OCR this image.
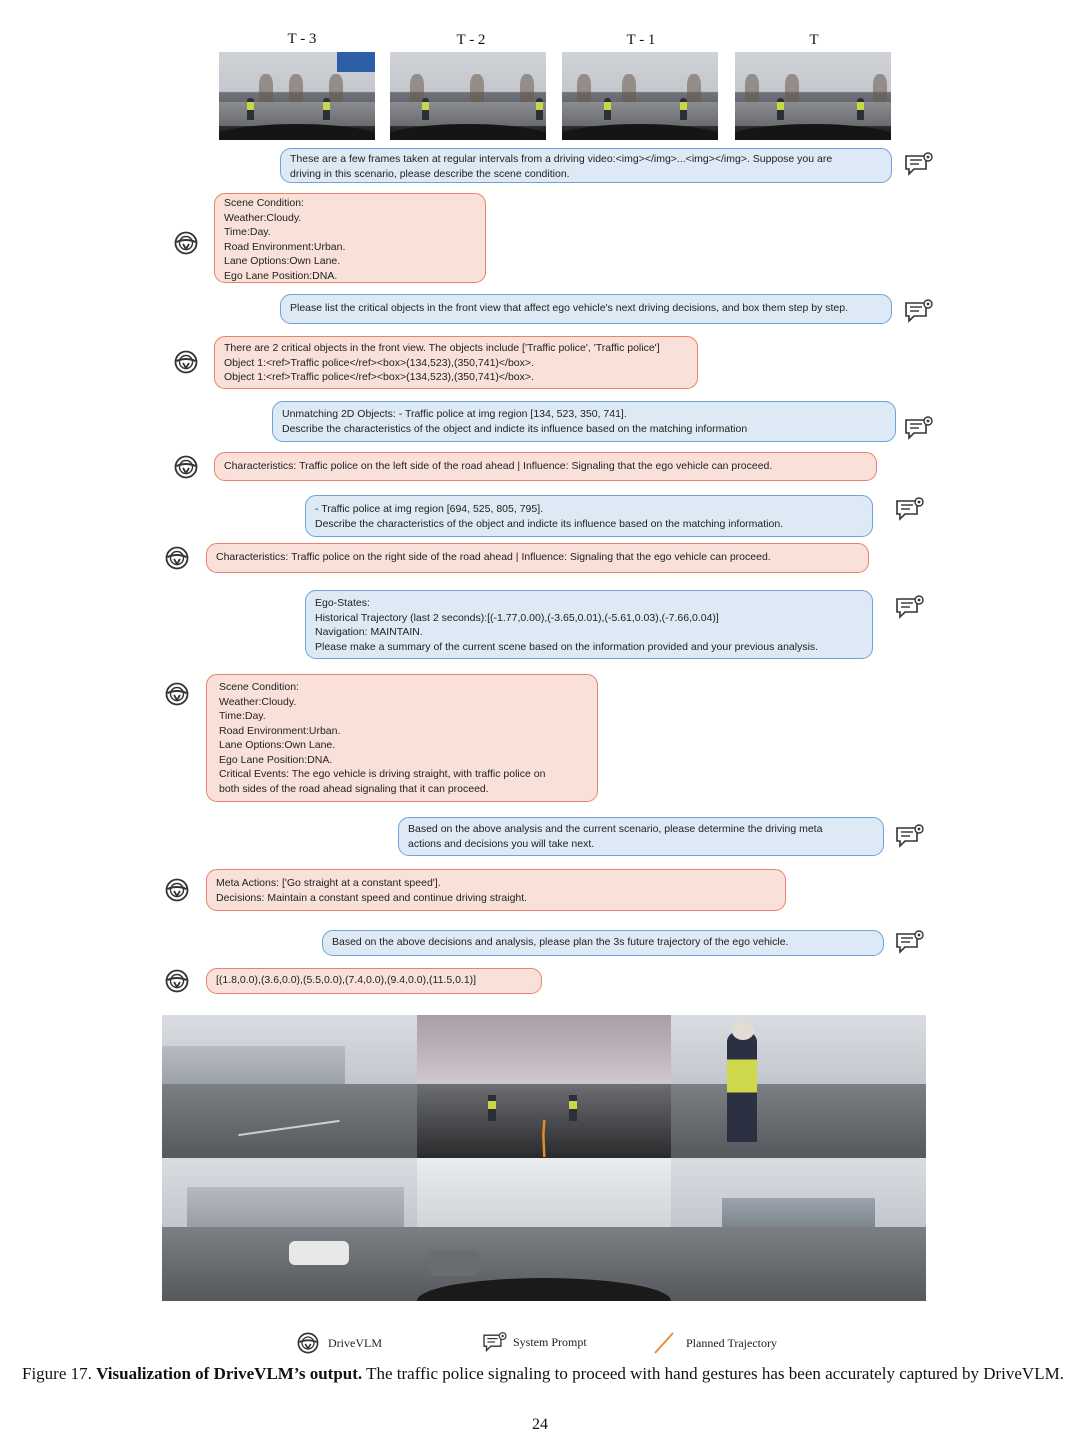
T - 3	T - 2	T - 1	T
These are a few frames taken at regular intervals from a driving video:<img></img>...<img></img>. Suppose you are
driving in this scenario, please describe the scene condition.
Scene Condition:
Weather:Cloudy.
Time:Day.
Road Environment:Urban.
Lane Options:Own Lane.
Ego Lane Position:DNA.
Please list the critical objects in the front view that affect ego vehicle's next driving decisions, and box them step by step.
There are 2 critical objects in the front view. The objects include ['Traffic police', 'Traffic police']
Object 1:<ref>Traffic police</ref><box>(134,523),(350,741)</box>.
Object 1:<ref>Traffic police</ref><box>(134,523),(350,741)</box>.
Unmatching 2D Objects: - Traffic police at img region [134, 523, 350, 741].
Describe the characteristics of the object and indicte its influence based on the matching information
Characteristics: Traffic police on the left side of the road ahead | Influence: Signaling that the ego vehicle can proceed.
- Traffic police at img region [694, 525, 805, 795].
Describe the characteristics of the object and indicte its influence based on the matching information.
Characteristics: Traffic police on the right side of the road ahead | Influence: Signaling that the ego vehicle can proceed.
Ego-States:
Historical Trajectory (last 2 seconds):[(-1.77,0.00),(-3.65,0.01),(-5.61,0.03),(-7.66,0.04)]
Navigation: MAINTAIN.
Please make a summary of the current scene based on the information provided and your previous analysis.
Scene Condition:
Weather:Cloudy.
Time:Day.
Road Environment:Urban.
Lane Options:Own Lane.
Ego Lane Position:DNA.
Critical Events: The ego vehicle is driving straight, with traffic police on
both sides of the road ahead signaling that it can proceed.
Based on the above analysis and the current scenario, please determine the driving meta
actions and decisions you will take next.
Meta Actions: ['Go straight at a constant speed'].
Decisions: Maintain a constant speed and continue driving straight.
Based on the above decisions and analysis, please plan the 3s future trajectory of the ego vehicle.
[(1.8,0.0),(3.6,0.0),(5.5,0.0),(7.4,0.0),(9.4,0.0),(11.5,0.1)]
DriveVLM	System Prompt	Planned Trajectory
Figure 17. Visualization of DriveVLM’s output. The traffic police signaling to proceed with hand gestures has been accurately captured by DriveVLM.
24
